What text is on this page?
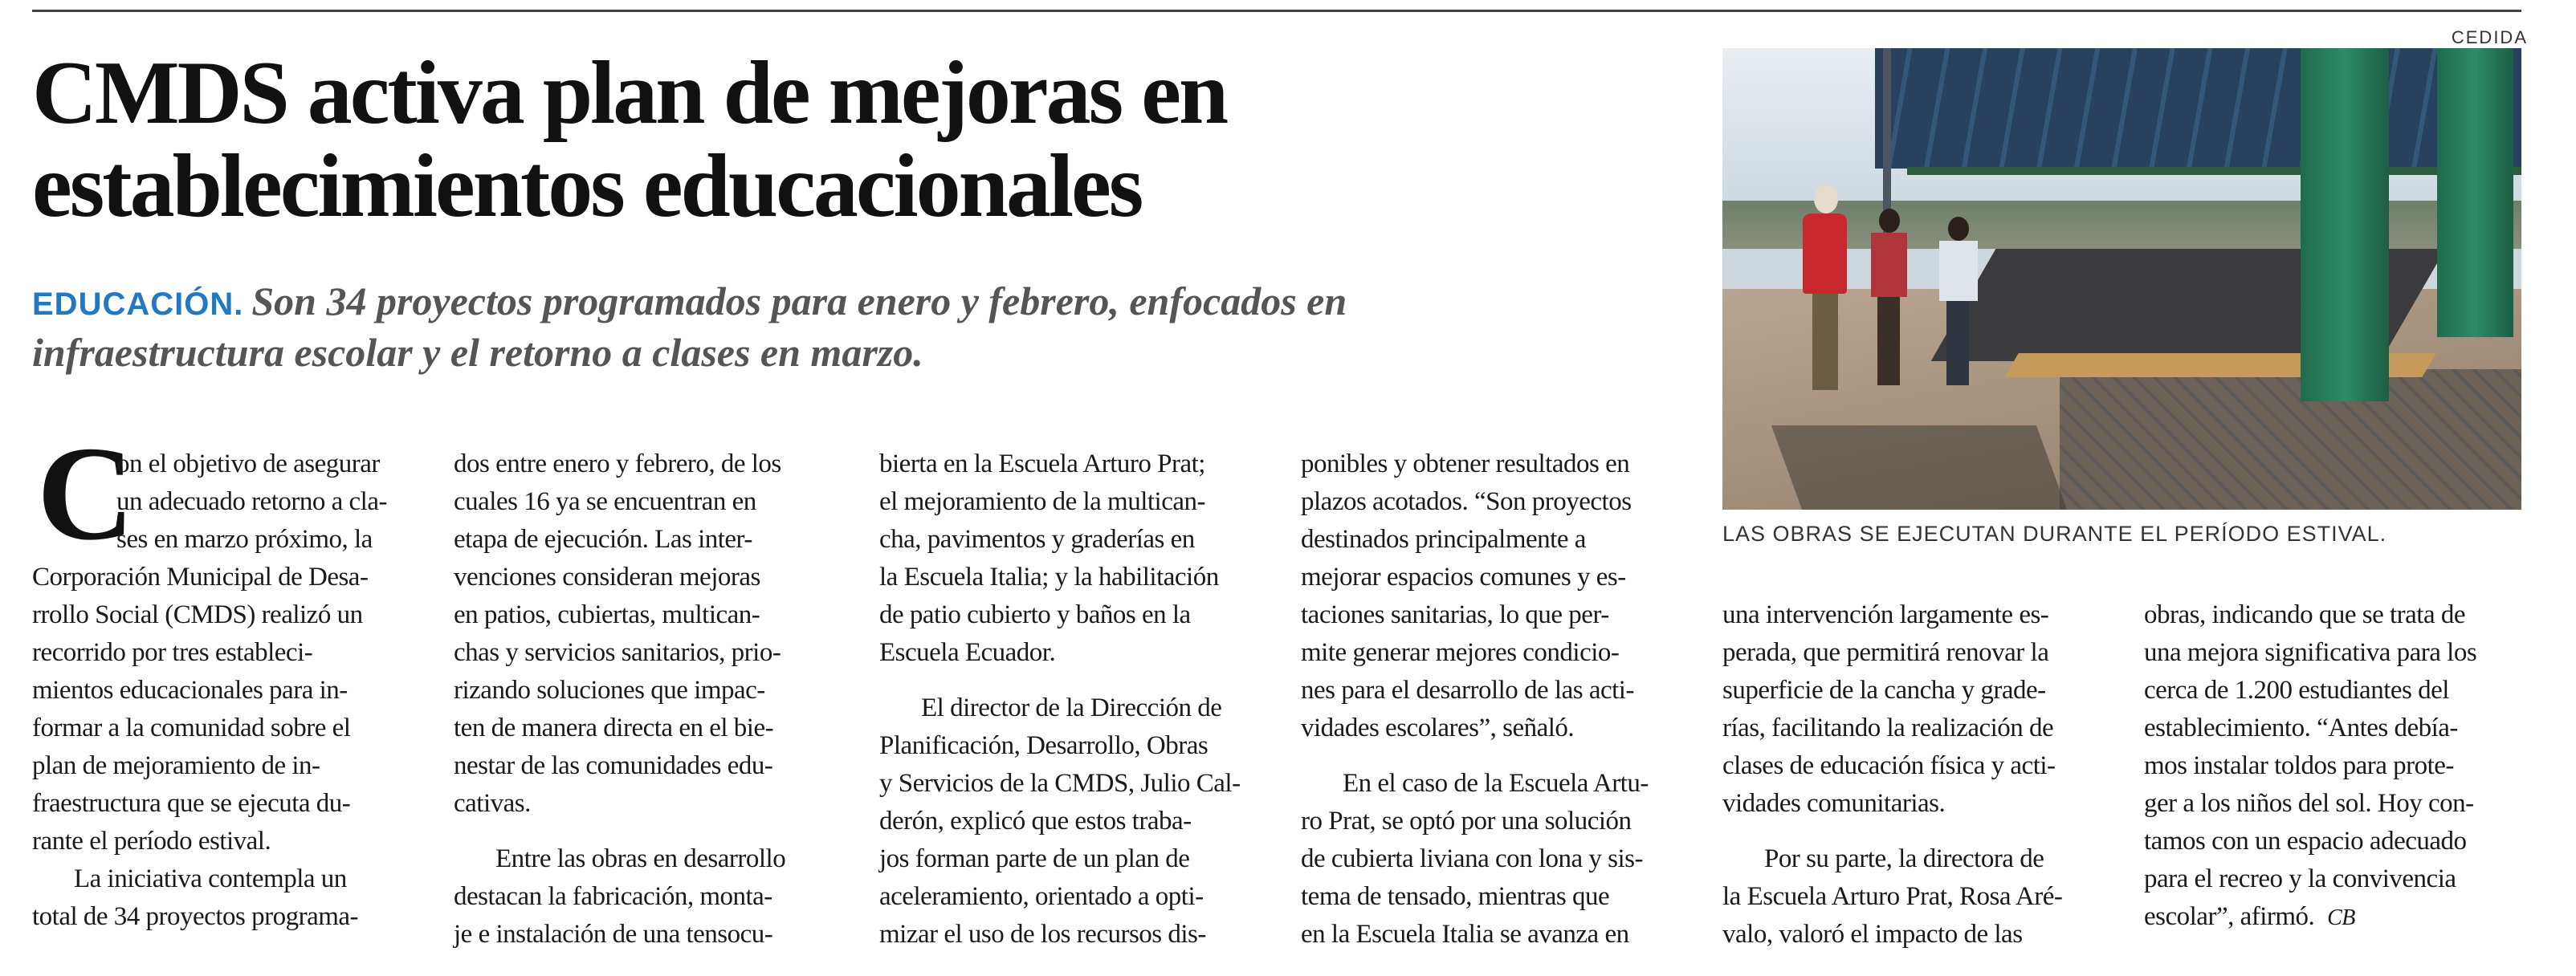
CEDIDA
CMDS activa plan de mejoras en
establecimientos educacionales
EDUCACIÓN. Son 34 proyectos programados para enero y febrero, enfocados en
infraestructura escolar y el retorno a clases en marzo.
C
on el objetivo de asegurar
un adecuado retorno a cla-
ses en marzo próximo, la
Corporación Municipal de Desa-
rrollo Social (CMDS) realizó un
recorrido por tres estableci-
mientos educacionales para in-
formar a la comunidad sobre el
plan de mejoramiento de in-
fraestructura que se ejecuta du-
rante el período estival.
La iniciativa contempla un
total de 34 proyectos programa-
dos entre enero y febrero, de los
cuales 16 ya se encuentran en
etapa de ejecución. Las inter-
venciones consideran mejoras
en patios, cubiertas, multican-
chas y servicios sanitarios, prio-
rizando soluciones que impac-
ten de manera directa en el bie-
nestar de las comunidades edu-
cativas.
Entre las obras en desarrollo
destacan la fabricación, monta-
je e instalación de una tensocu-
bierta en la Escuela Arturo Prat;
el mejoramiento de la multican-
cha, pavimentos y graderías en
la Escuela Italia; y la habilitación
de patio cubierto y baños en la
Escuela Ecuador.
El director de la Dirección de
Planificación, Desarrollo, Obras
y Servicios de la CMDS, Julio Cal-
derón, explicó que estos traba-
jos forman parte de un plan de
aceleramiento, orientado a opti-
mizar el uso de los recursos dis-
ponibles y obtener resultados en
plazos acotados. “Son proyectos
destinados principalmente a
mejorar espacios comunes y es-
taciones sanitarias, lo que per-
mite generar mejores condicio-
nes para el desarrollo de las acti-
vidades escolares”, señaló.
En el caso de la Escuela Artu-
ro Prat, se optó por una solución
de cubierta liviana con lona y sis-
tema de tensado, mientras que
en la Escuela Italia se avanza en
LAS OBRAS SE EJECUTAN DURANTE EL PERÍODO ESTIVAL.
una intervención largamente es-
perada, que permitirá renovar la
superficie de la cancha y grade-
rías, facilitando la realización de
clases de educación física y acti-
vidades comunitarias.
Por su parte, la directora de
la Escuela Arturo Prat, Rosa Aré-
valo, valoró el impacto de las
obras, indicando que se trata de
una mejora significativa para los
cerca de 1.200 estudiantes del
establecimiento. “Antes debía-
mos instalar toldos para prote-
ger a los niños del sol. Hoy con-
tamos con un espacio adecuado
para el recreo y la convivencia
escolar”, afirmó. CB
